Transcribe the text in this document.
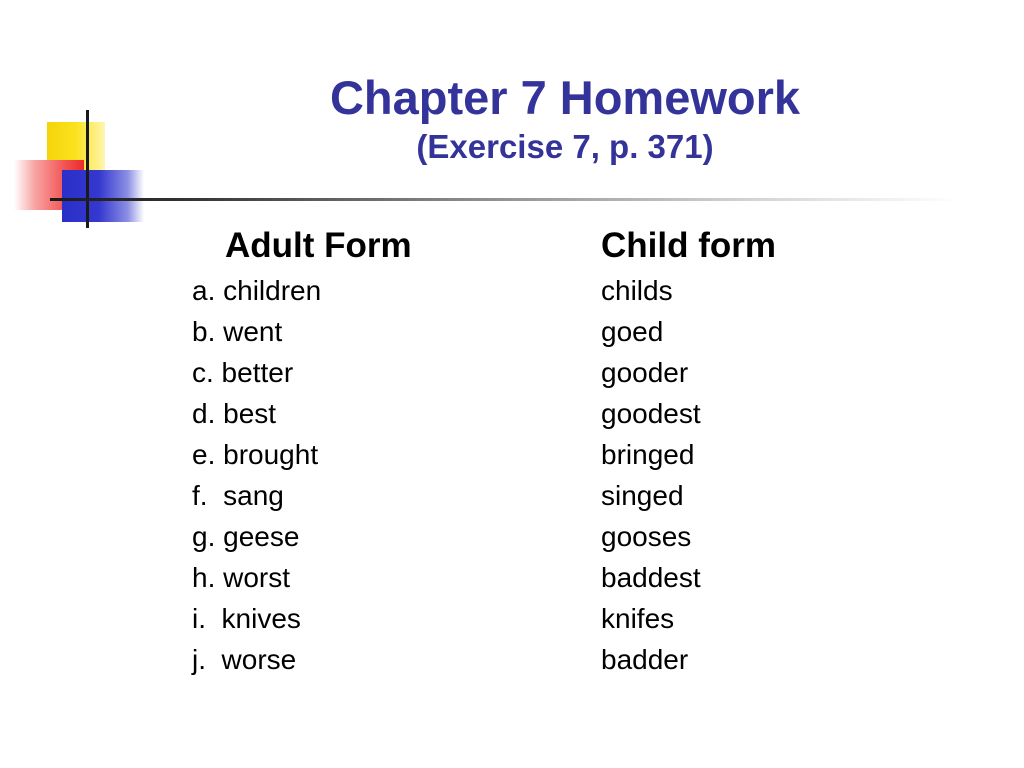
Chapter 7 Homework
(Exercise 7, p. 371)
Adult Form
a. children
b. went
c. better
d. best
e. brought
f.  sang
g. geese
h. worst
i.  knives
j.  worse
Child form
childs
goed
gooder
goodest
bringed
singed
gooses
baddest
knifes
badder
